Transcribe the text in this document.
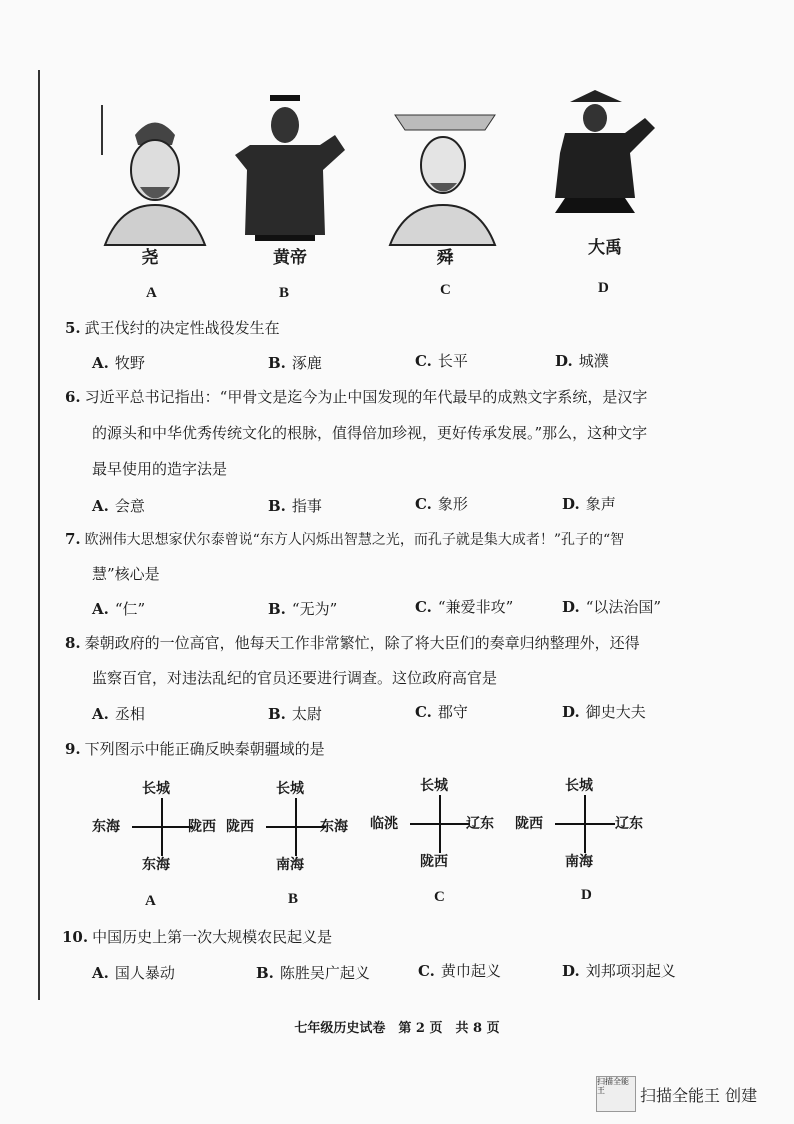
尧	黄帝	舜	大禹
A	B	C	D
5. 武王伐纣的决定性战役发生在
A. 牧野	B. 涿鹿	C. 长平	D. 城濮
6. 习近平总书记指出：“甲骨文是迄今为止中国发现的年代最早的成熟文字系统，是汉字
的源头和中华优秀传统文化的根脉，值得倍加珍视，更好传承发展。”那么，这种文字
最早使用的造字法是
A. 会意	B. 指事	C. 象形	D. 象声
7. 欧洲伟大思想家伏尔泰曾说“东方人闪烁出智慧之光，而孔子就是集大成者！”孔子的“智
慧”核心是
A. “仁”	B. “无为”	C. “兼爱非攻”	D. “以法治国”
8. 秦朝政府的一位高官，他每天工作非常繁忙，除了将大臣们的奏章归纳整理外，还得
监察百官，对违法乱纪的官员还要进行调查。这位政府高官是
A. 丞相	B. 太尉	C. 郡守	D. 御史大夫
9. 下列图示中能正确反映秦朝疆域的是
长城
东海
东海	陇西
长城
南海
陇西	东海
长城
陇西
临洮	辽东
长城
南海
陇西	辽东
A	B	C	D
10. 中国历史上第一次大规模农民起义是
A. 国人暴动	B. 陈胜吴广起义	C. 黄巾起义	D. 刘邦项羽起义
七年级历史试卷　第 2 页　共 8 页
扫描全能王	扫描全能王 创建
